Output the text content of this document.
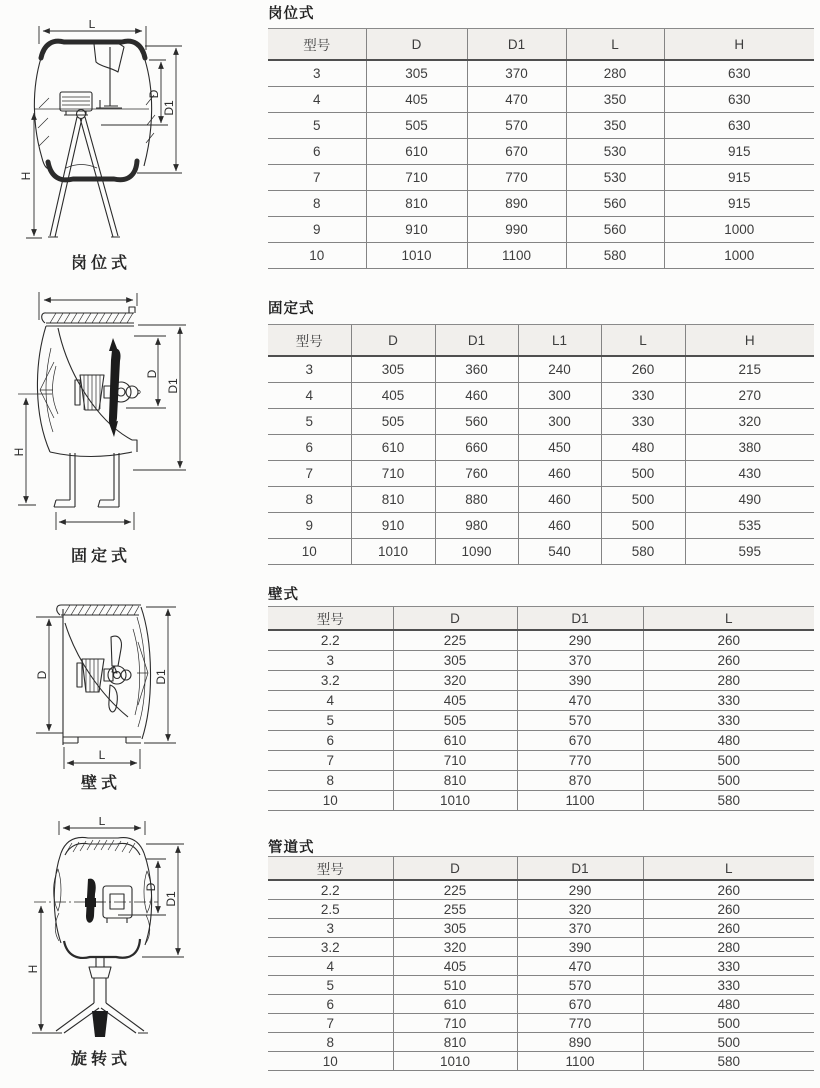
L
D
D1
H
岗位式
D
D1
H
固定式
D	D1
L
壁式
L
D
D1
H
旋转式
岗位式
型号	D	D1	L	H
3	305	370	280	630
4	405	470	350	630
5	505	570	350	630
6	610	670	530	915
7	710	770	530	915
8	810	890	560	915
9	910	990	560	1000
10	1010	1100	580	1000
固定式
型号	D	D1	L1	L	H
3	305	360	240	260	215
4	405	460	300	330	270
5	505	560	300	330	320
6	610	660	450	480	380
7	710	760	460	500	430
8	810	880	460	500	490
9	910	980	460	500	535
10	1010	1090	540	580	595
壁式
型号	D	D1	L
2.2	225	290	260
3	305	370	260
3.2	320	390	280
4	405	470	330
5	505	570	330
6	610	670	480
7	710	770	500
8	810	870	500
10	1010	1100	580
管道式
型号	D	D1	L
2.2	225	290	260
2.5	255	320	260
3	305	370	260
3.2	320	390	280
4	405	470	330
5	510	570	330
6	610	670	480
7	710	770	500
8	810	890	500
10	1010	1100	580
